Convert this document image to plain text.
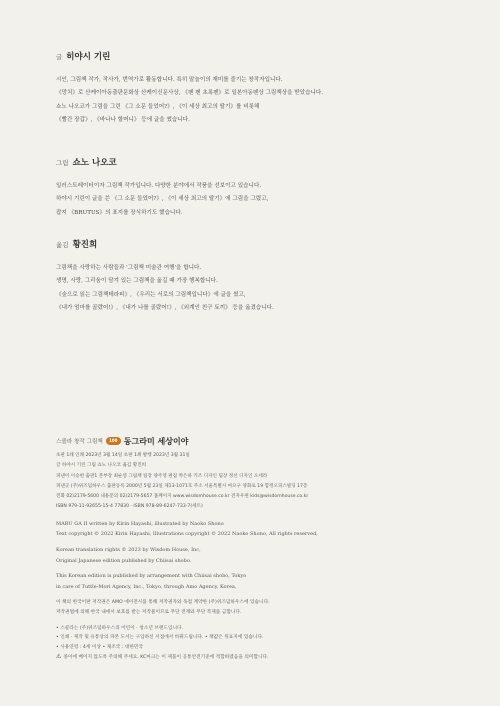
글 히야시 기린

시인, 그림책 작가, 작사가, 번역가로 활동합니다. 특히 말놀이의 재미를 즐기는 창작자입니다.

《망치》로 산케이아동출판문화상 산케이신문사상, 《펜 펜 초록펜》로 일본아동펜상 그림책상을 받았습니다.

쇼노 나오코가 그림을 그린 《그 소문 들었어?》, 《이 세상 최고의 딸기》를 비롯해

《빨간 장갑》, 《바나나 할머니》 등에 글을 썼습니다.

그림 쇼노 나오코

일러스트레이터이자 그림책 작가입니다. 다양한 분야에서 작품을 선보이고 있습니다.

하야시 기린이 글을 쓴 《그 소문 들었어?》, 《이 세상 최고의 딸기》에 그림을 그렸고,

잡지 《BRUTUS》의 표지를 장식하기도 했습니다.

옮김 황진희

그림책을 사랑하는 사람들과 '그림책 미술관 여행'을 합니다.

생명, 사랑, 그리움이 담겨 있는 그림책을 옮길 때 가장 행복합니다.

《숲으로 읽는 그림책테라피》, 《우리는 서로의 그림책입니다》에 글을 썼고,

《내가 엄마를 골랐어!》, 《내가 나를 골랐어!》, 《외계인 친구 토끼》 등을 옮겼습니다.

스콜라 창작 그림책	100 동그라미 세상이야

초판 1쇄 인쇄 2023년 3월 14일 초판 1쇄 발행 2023년 3월 31일

글 하야시 기린 그림 쇼노 나오코 옮김 황진희

펴낸이 이승현 출판1 본부장 최순영 그림책 팀장 양주영 편집 박은하 키즈 디자인 팀장 정선 디자인 오세라

펴낸곳 (주)위즈덤하우스 출판등록 2000년 5월 23일 제13-1071호 주소 서울특별시 마포구 양화로 19 합정오피스빌딩 17층

전화 02)2179-5600 내용문의 02)2179-5657 홈페이지 www.wisdomhouse.co.kr 전자우편 kids@wisdomhouse.co.kr

ISBN 979-11-92655-15-4 77830 · ISBN 978-89-6247-733-7(세트)

MARU GA II written by Kirin Hayashi, illustrated by Naoko Shono

Text copyright © 2022 Kirin Hayashi, Illustrations copyright © 2022 Naoko Shono, All rights reserved,

Korean translation rights © 2023 by Wisdom House, Inc,

Original Japanese edition published by Chiisai shobo.

This Korean edition is published by arrangement with Chiisai shobo, Tokyo

in care of Tuttle-Mori Agency, Inc., Tokyo, through Amo Agency, Korea,

이 책의 한국어판 저작권은 AMO 에이전시를 통해 저작권자와 독점 계약한 (주)위즈덤하우스에 있습니다.

저작권법에 의해 한국 내에서 보호를 받는 저작물이므로 무단 전재와 무단 복제를 금합니다.

• 스콜라는 (주)위즈덤하우스의 어린이 · 청소년 브랜드입니다.

• 인쇄 · 제작 및 유통상의 파본 도서는 구입하신 서점에서 바꿔드립니다. • 책값은 뒤표지에 있습니다.

• 사용연령 : 4세 이상 • 제조국 : 대한민국

⚠ 종이에 베이지 않도록 주의해 주세요. KC마크는 이 제품이 공통안전기준에 적합하였음을 의미합니다.
